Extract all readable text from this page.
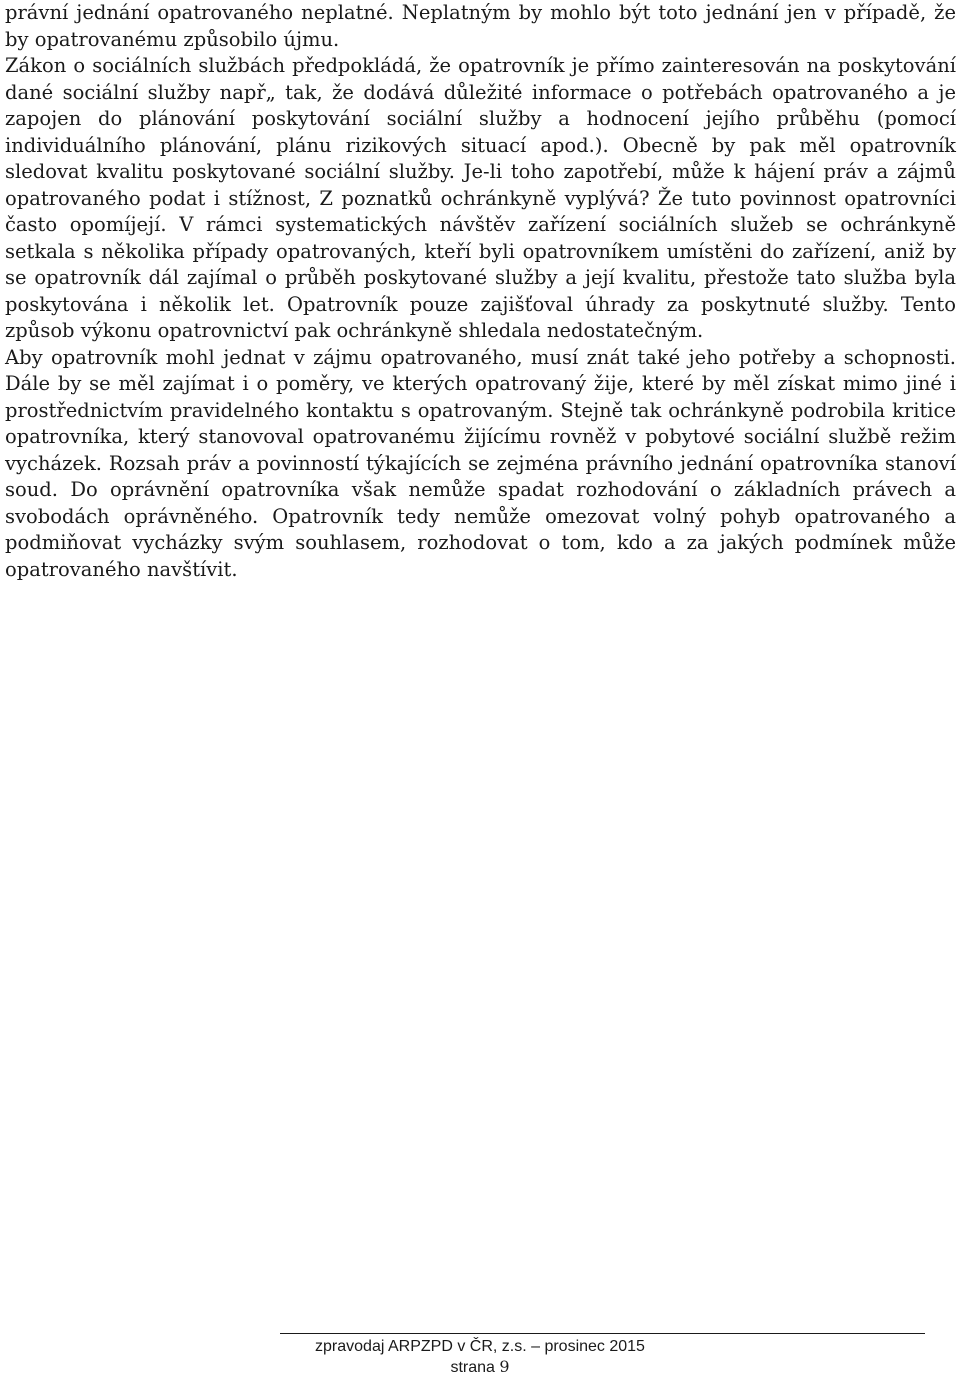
právní jednání opatrovaného neplatné. Neplatným by mohlo být toto jednání jen v případě, že by opatrovanému způsobilo újmu.

Zákon o sociálních službách předpokládá, že opatrovník je přímo zainteresován na poskytování dané sociální služby např„ tak, že dodává důležité informace o potřebách opatrovaného a je zapojen do plánování poskytování sociální služby a hodnocení jejího průběhu (pomocí individuálního plánování, plánu rizikových situací apod.). Obecně by pak měl opatrovník sledovat kvalitu poskytované sociální služby. Je-li toho zapotřebí, může k hájení práv a zájmů opatrovaného podat i stížnost, Z poznatků ochránkyně vyplývá? Že tuto povinnost opatrovníci často opomíjejí. V rámci systematických návštěv zařízení sociálních služeb se ochránkyně setkala s několika případy opatrovaných, kteří byli opatrovníkem umístěni do zařízení, aniž by se opatrovník dál zajímal o průběh poskytované služby a její kvalitu, přestože tato služba byla poskytována i několik let. Opatrovník pouze zajišťoval úhrady za poskytnuté služby. Tento způsob výkonu opatrovnictví pak ochránkyně shledala nedostatečným.

Aby opatrovník mohl jednat v zájmu opatrovaného, musí znát také jeho potřeby a schopnosti. Dále by se měl zajímat i o poměry, ve kterých opatrovaný žije, které by měl získat mimo jiné i prostřednictvím pravidelného kontaktu s opatrovaným. Stejně tak ochránkyně podrobila kritice opatrovníka, který stanovoval opatrovanému žijícímu rovněž v pobytové sociální službě režim vycházek. Rozsah práv a povinností týkajících se zejména právního jednání opatrovníka stanoví soud. Do oprávnění opatrovníka však nemůže spadat rozhodování o základních právech a svobodách oprávněného. Opatrovník tedy nemůže omezovat volný pohyb opatrovaného a podmiňovat vycházky svým souhlasem, rozhodovat o tom, kdo a za jakých podmínek může opatrovaného navštívit.

zpravodaj ARPZPD v ČR, z.s. – prosinec 2015
strana 9
